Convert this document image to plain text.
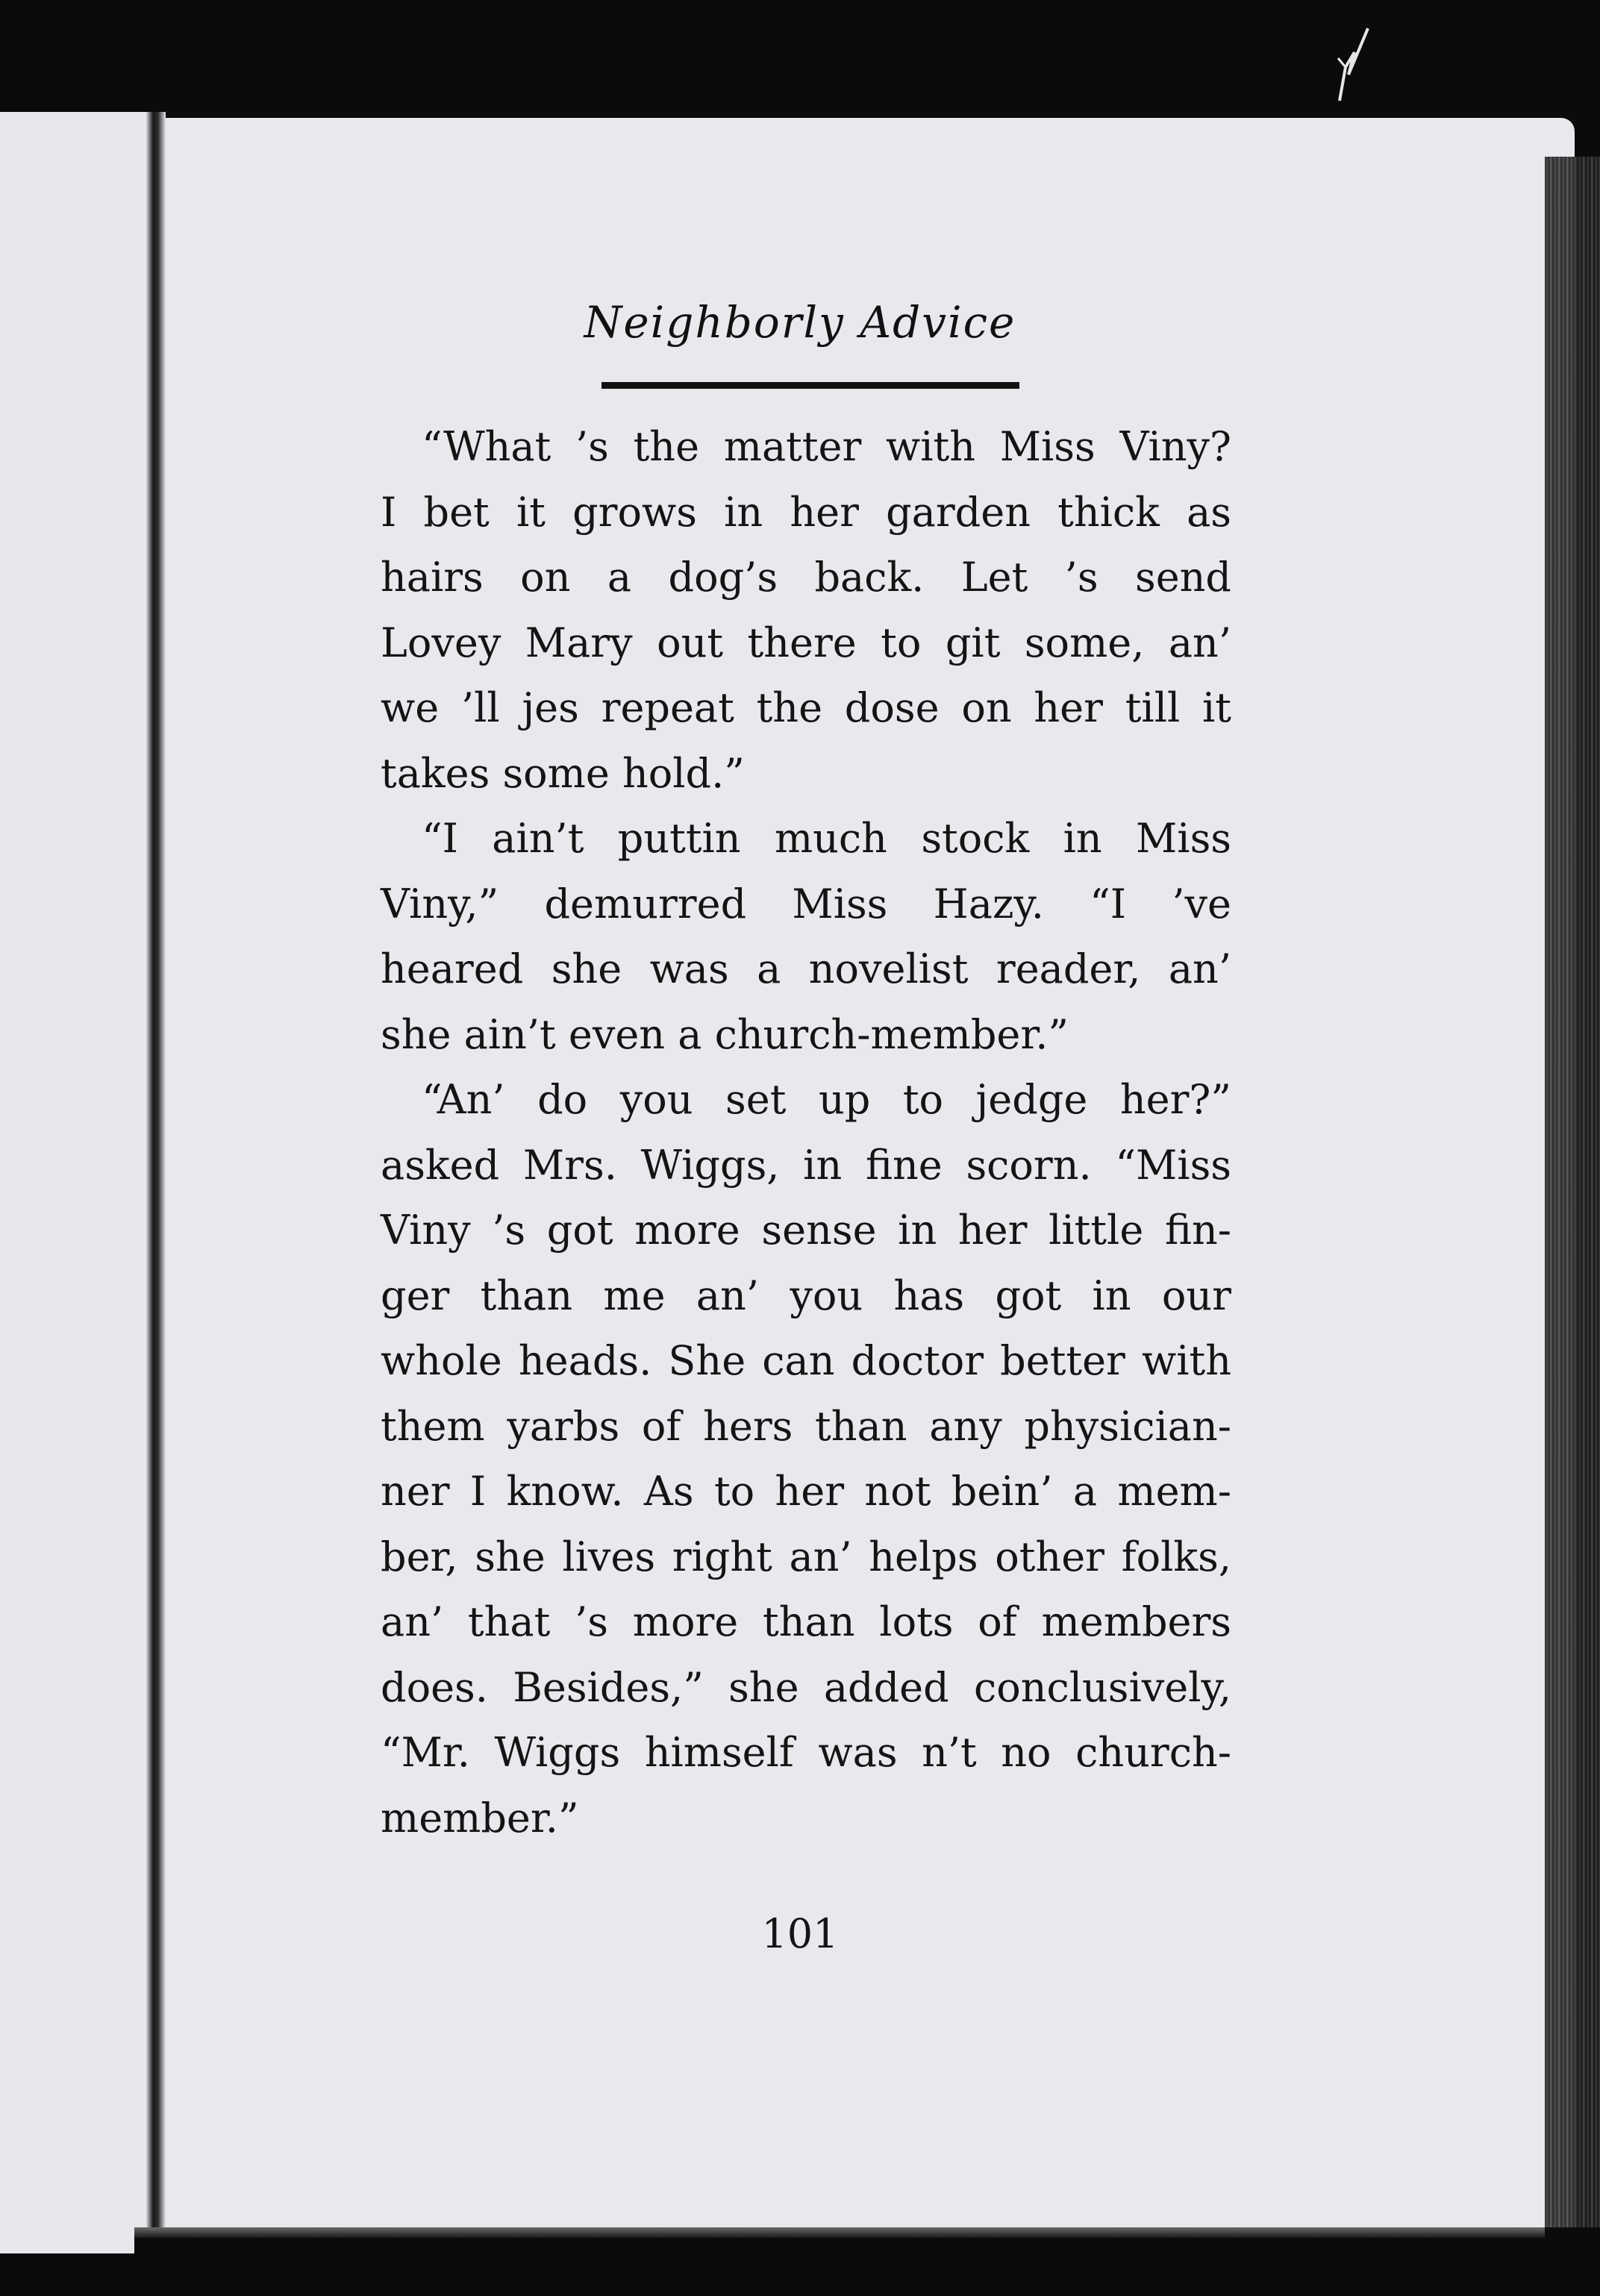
Neighborly Advice
“What ’s the matter with Miss Viny?
I bet it grows in her garden thick as
hairs on a dog’s back. Let ’s send
Lovey Mary out there to git some, an’
we ’ll jes repeat the dose on her till it
takes some hold.”
“I ain’t puttin much stock in Miss
Viny,” demurred Miss Hazy. “I ’ve
heared she was a novelist reader, an’
she ain’t even a church-member.”
“An’ do you set up to jedge her?”
asked Mrs. Wiggs, in fine scorn. “Miss
Viny ’s got more sense in her little fin-
ger than me an’ you has got in our
whole heads. She can doctor better with
them yarbs of hers than any physician-
ner I know. As to her not bein’ a mem-
ber, she lives right an’ helps other folks,
an’ that ’s more than lots of members
does. Besides,” she added conclusively,
“Mr. Wiggs himself was n’t no church-
member.”
101
